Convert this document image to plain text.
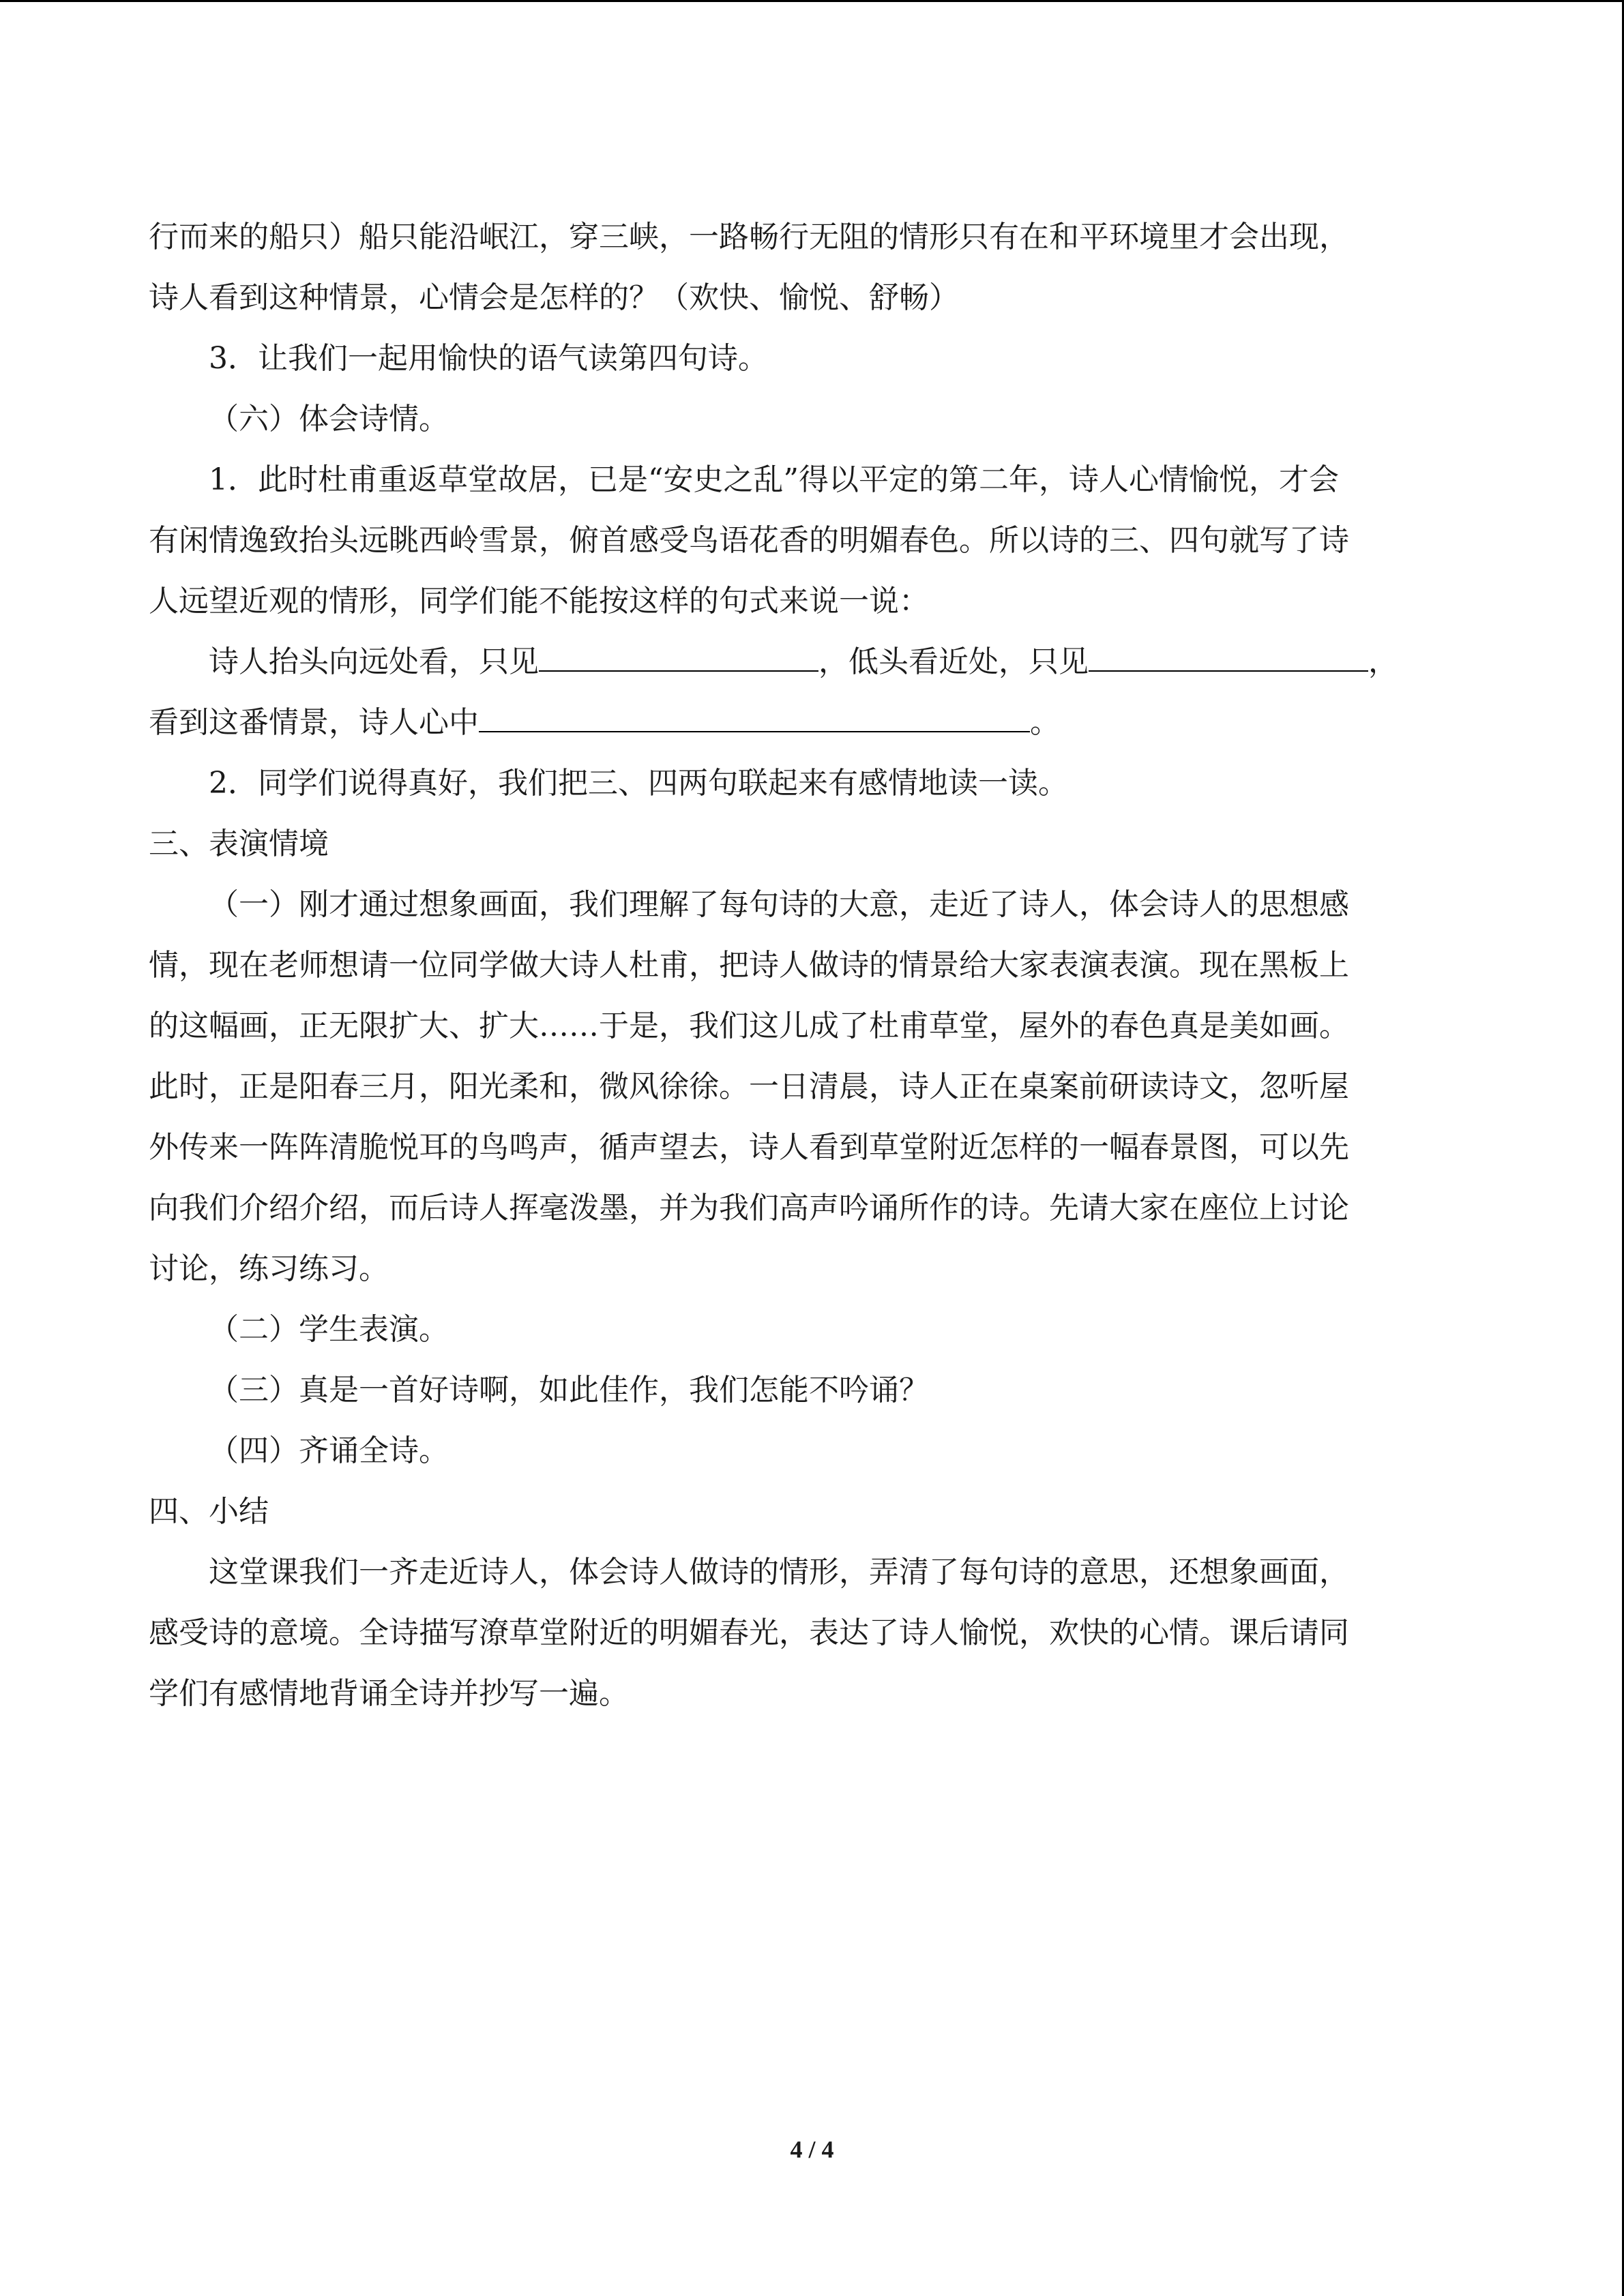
行而来的船只）船只能沿岷江，穿三峡，一路畅行无阻的情形只有在和平环境里才会出现，
诗人看到这种情景，心情会是怎样的？（欢快、愉悦、舒畅）
3．让我们一起用愉快的语气读第四句诗。
（六）体会诗情。
1．此时杜甫重返草堂故居，已是“安史之乱”得以平定的第二年，诗人心情愉悦，才会
有闲情逸致抬头远眺西岭雪景，俯首感受鸟语花香的明媚春色。所以诗的三、四句就写了诗
人远望近观的情形，同学们能不能按这样的句式来说一说：
诗人抬头向远处看，只见	，低头看近处，只见	，
看到这番情景，诗人心中	。
2．同学们说得真好，我们把三、四两句联起来有感情地读一读。
三、表演情境
（一）刚才通过想象画面，我们理解了每句诗的大意，走近了诗人，体会诗人的思想感
情，现在老师想请一位同学做大诗人杜甫，把诗人做诗的情景给大家表演表演。现在黑板上
的这幅画，正无限扩大、扩大……于是，我们这儿成了杜甫草堂，屋外的春色真是美如画。
此时，正是阳春三月，阳光柔和，微风徐徐。一日清晨，诗人正在桌案前研读诗文，忽听屋
外传来一阵阵清脆悦耳的鸟鸣声，循声望去，诗人看到草堂附近怎样的一幅春景图，可以先
向我们介绍介绍，而后诗人挥毫泼墨，并为我们高声吟诵所作的诗。先请大家在座位上讨论
讨论，练习练习。
（二）学生表演。
（三）真是一首好诗啊，如此佳作，我们怎能不吟诵？
（四）齐诵全诗。
四、小结
这堂课我们一齐走近诗人，体会诗人做诗的情形，弄清了每句诗的意思，还想象画面，
感受诗的意境。全诗描写潦草堂附近的明媚春光，表达了诗人愉悦，欢快的心情。课后请同
学们有感情地背诵全诗并抄写一遍。
4 / 4
